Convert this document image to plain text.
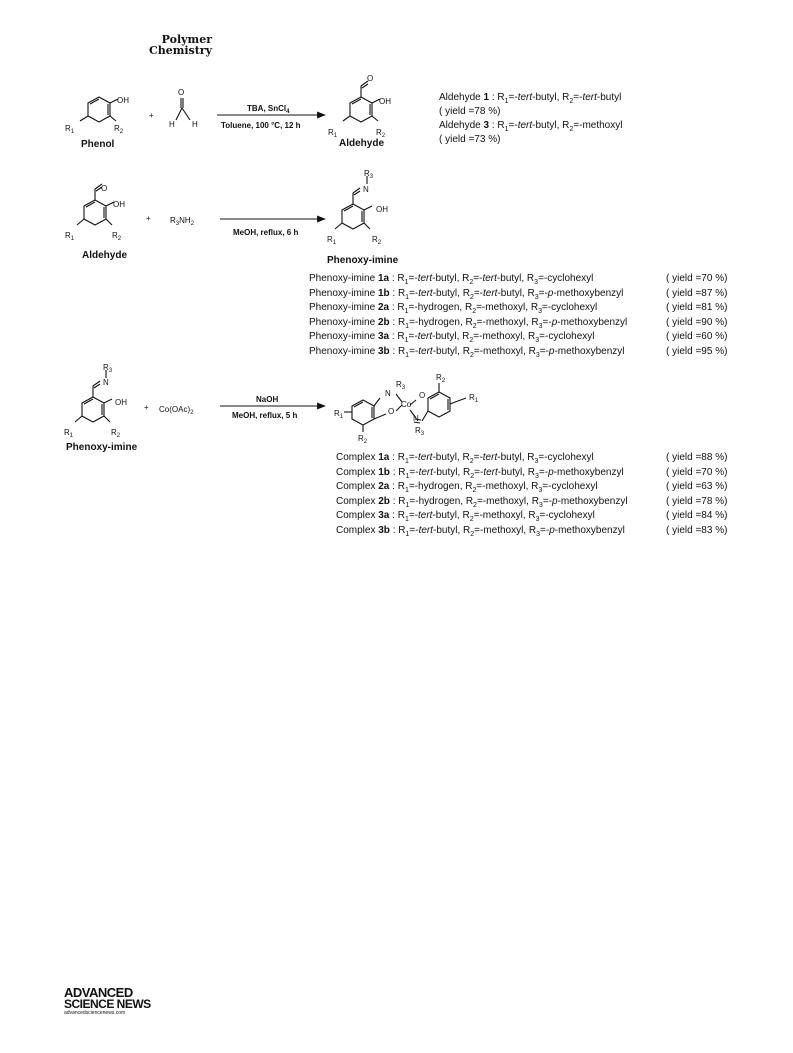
Polymer
Chemistry
OH
$R_1$	$R_2$
Phenol
+
O
H H
TBA, SnCl$_4$
Toluene, 100 °C, 12 h
O
OH
$R_1$	$R_2$
Aldehyde
O
OH
$R_1$	$R_2$
Aldehyde
+ $R_3NH_2$
MeOH, reflux, 6 h
$R_3$
N
OH
$R_1$	$R_2$
Phenoxy-imine
$R_3$
N
OH
$R_1$	$R_2$
Phenoxy-imine
+ $Co(OAc)_2$
NaOH
MeOH, reflux, 5 h
$R_2$
$R_3$
N	O
Co
O
N
$R_1$
$R_1$
$R_2$
$R_3$
Aldehyde 1 : $R_1=-tert$-butyl, $R_2=-tert$-butyl
( yield =78 %)
Aldehyde 3 : $R_1=-tert$-butyl, $R_2=$-methoxyl
( yield =73 %)
Phenoxy-imine 1a : $R_1=-tert$-butyl, $R_2=-tert$-butyl, $R_3=$-cyclohexyl	( yield =70 %)
Phenoxy-imine 1b : $R_1=-tert$-butyl, $R_2=-tert$-butyl, $R_3=-p$-methoxybenzyl	( yield =87 %)
Phenoxy-imine 2a : $R_1=$-hydrogen, $R_2=$-methoxyl, $R_3=$-cyclohexyl	( yield =81 %)
Phenoxy-imine 2b : $R_1=$-hydrogen, $R_2=$-methoxyl, $R_3=-p$-methoxybenzyl	( yield =90 %)
Phenoxy-imine 3a : $R_1=-tert$-butyl, $R_2=$-methoxyl, $R_3=$-cyclohexyl	( yield =60 %)
Phenoxy-imine 3b : $R_1=-tert$-butyl, $R_2=$-methoxyl, $R_3=-p$-methoxybenzyl	( yield =95 %)
Complex 1a : $R_1=-tert$-butyl, $R_2=-tert$-butyl, $R_3=$-cyclohexyl	( yield =88 %)
Complex 1b : $R_1=-tert$-butyl, $R_2=-tert$-butyl, $R_3=-p$-methoxybenzyl	( yield =70 %)
Complex 2a : $R_1=$-hydrogen, $R_2=$-methoxyl, $R_3=$-cyclohexyl	( yield =63 %)
Complex 2b : $R_1=$-hydrogen, $R_2=$-methoxyl, $R_3=-p$-methoxybenzyl	( yield =78 %)
Complex 3a : $R_1=-tert$-butyl, $R_2=$-methoxyl, $R_3=$-cyclohexyl	( yield =84 %)
Complex 3b : $R_1=-tert$-butyl, $R_2=$-methoxyl, $R_3=-p$-methoxybenzyl	( yield =83 %)
ADVANCED
SCIENCE NEWS
advancedsciencenews.com
